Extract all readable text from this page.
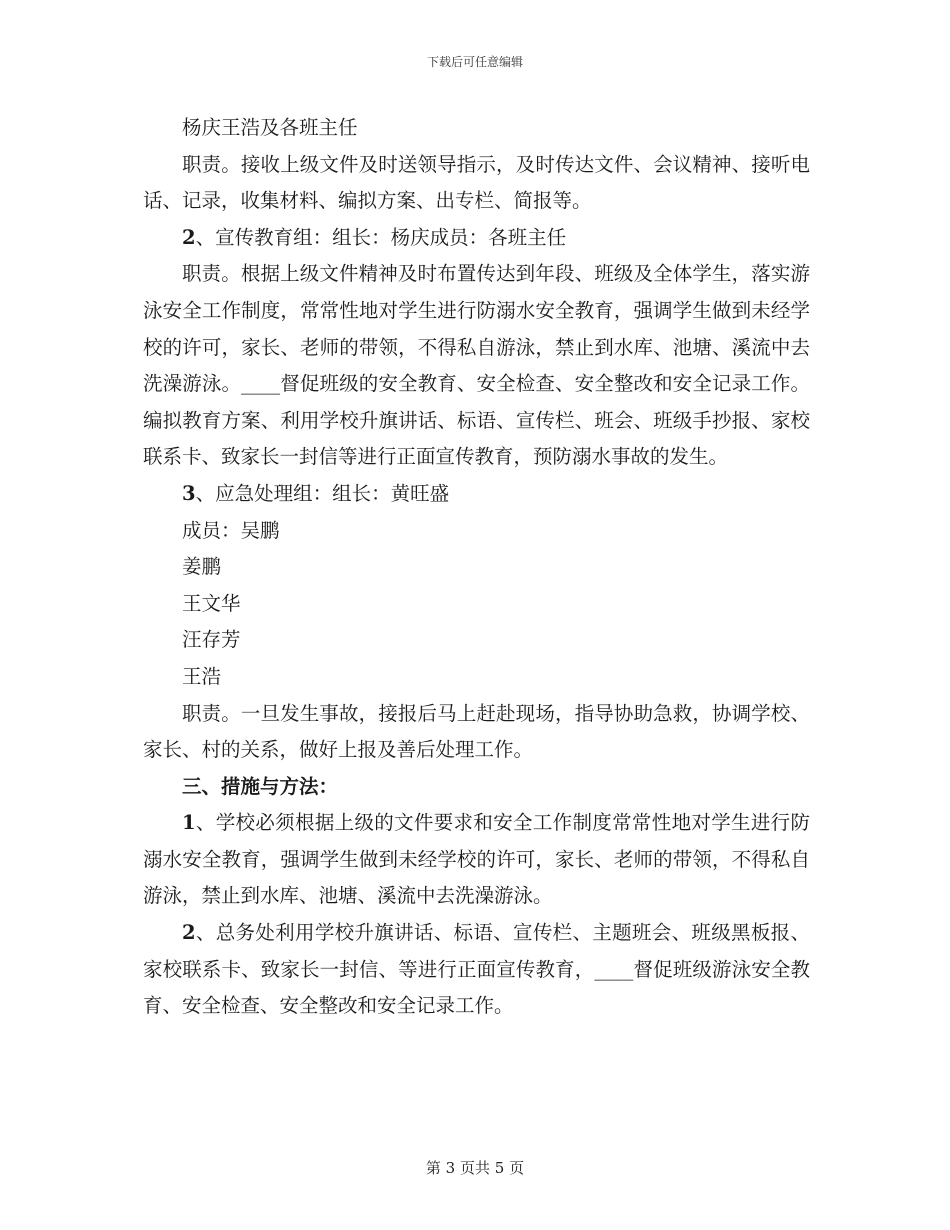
下载后可任意编辑

杨庆王浩及各班主任

职责。接收上级文件及时送领导指示，及时传达文件、会议精神、接听电话、记录，收集材料、编拟方案、出专栏、简报等。

2、宣传教育组：组长：杨庆成员：各班主任

职责。根据上级文件精神及时布置传达到年段、班级及全体学生，落实游泳安全工作制度，常常性地对学生进行防溺水安全教育，强调学生做到未经学校的许可，家长、老师的带领，不得私自游泳，禁止到水库、池塘、溪流中去洗澡游泳。____督促班级的安全教育、安全检查、安全整改和安全记录工作。编拟教育方案、利用学校升旗讲话、标语、宣传栏、班会、班级手抄报、家校联系卡、致家长一封信等进行正面宣传教育，预防溺水事故的发生。

3、应急处理组：组长：黄旺盛

成员：吴鹏

姜鹏

王文华

汪存芳

王浩

职责。一旦发生事故，接报后马上赶赴现场，指导协助急救，协调学校、家长、村的关系，做好上报及善后处理工作。

三、措施与方法：

1、学校必须根据上级的文件要求和安全工作制度常常性地对学生进行防溺水安全教育，强调学生做到未经学校的许可，家长、老师的带领，不得私自游泳，禁止到水库、池塘、溪流中去洗澡游泳。

2、总务处利用学校升旗讲话、标语、宣传栏、主题班会、班级黑板报、家校联系卡、致家长一封信、等进行正面宣传教育，____督促班级游泳安全教育、安全检查、安全整改和安全记录工作。

第 3 页共 5 页
